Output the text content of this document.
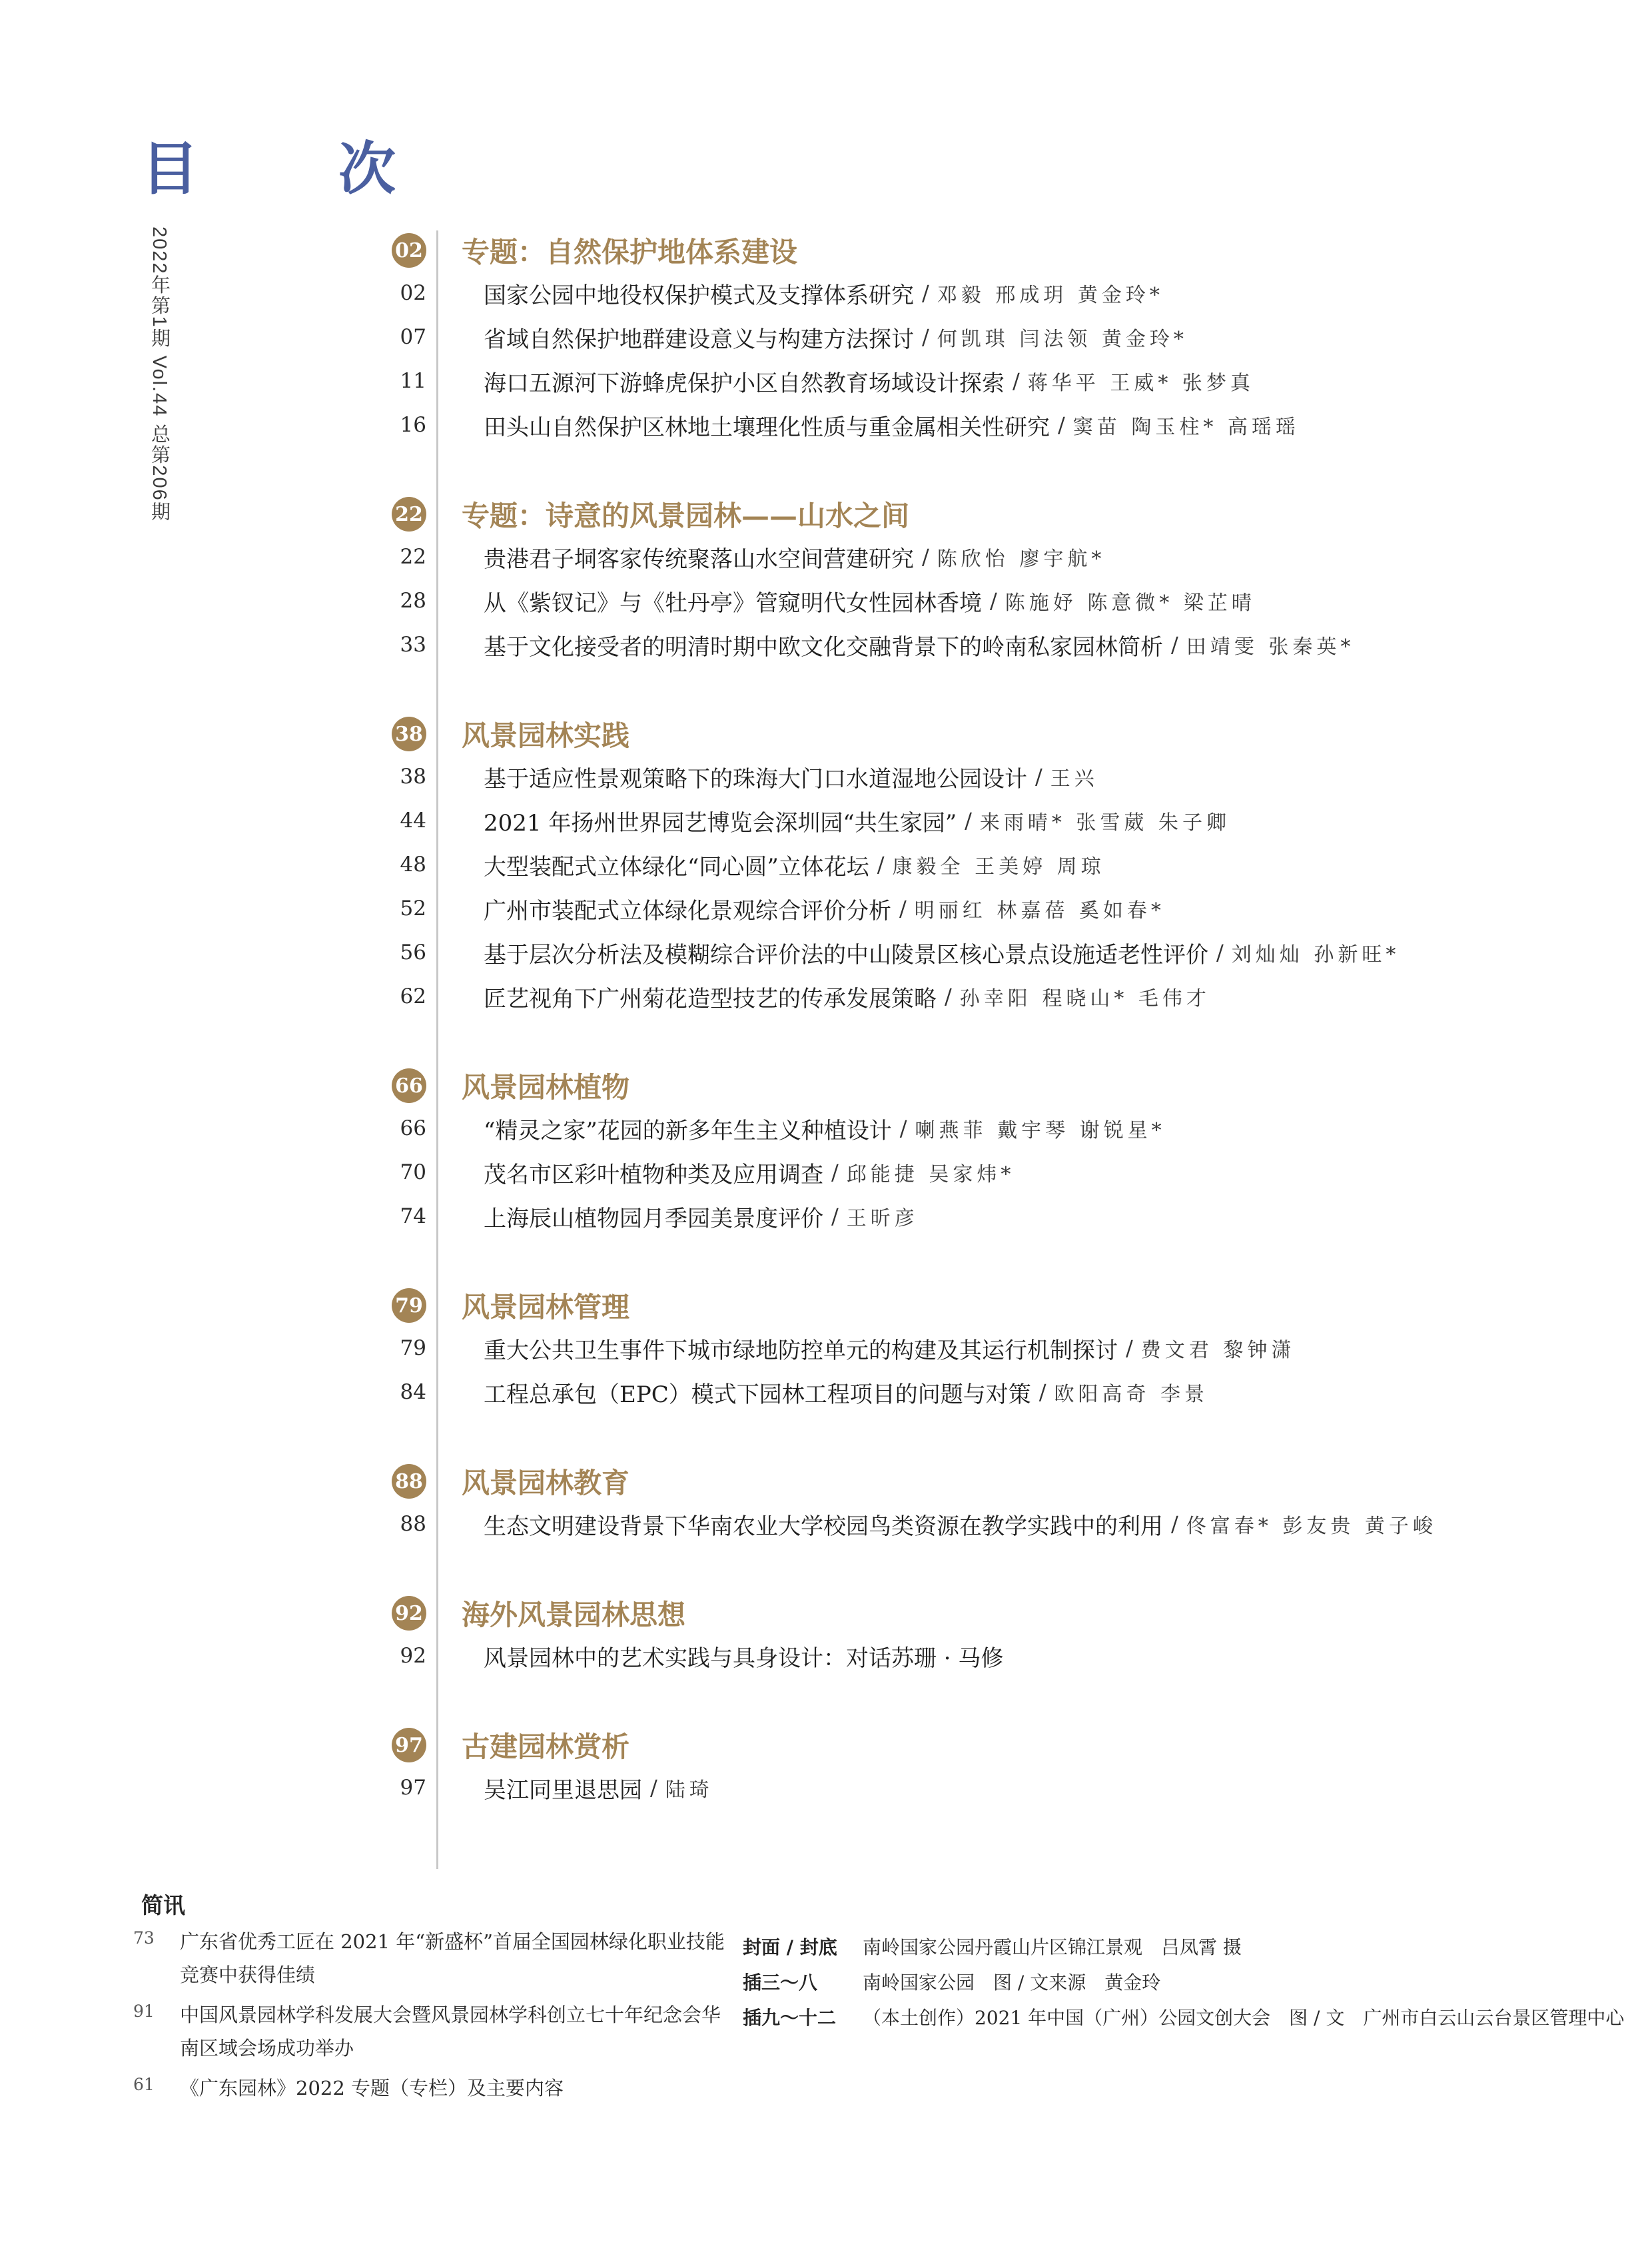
目 次
2022年第1期 Vol.44 总第206期	02 专题：自然保护地体系建设
02	国家公园中地役权保护模式及支撑体系研究 / 邓毅 邢成玥 黄金玲*
07	省域自然保护地群建设意义与构建方法探讨 / 何凯琪 闫法领 黄金玲*
11	海口五源河下游蜂虎保护小区自然教育场域设计探索 / 蒋华平 王威* 张梦真
16	田头山自然保护区林地土壤理化性质与重金属相关性研究 / 窦苗 陶玉柱* 高瑶瑶
22 专题：诗意的风景园林——山水之间
22	贵港君子垌客家传统聚落山水空间营建研究 / 陈欣怡 廖宇航*
28	从《紫钗记》与《牡丹亭》管窥明代女性园林香境 / 陈施妤 陈意微* 梁芷晴
33	基于文化接受者的明清时期中欧文化交融背景下的岭南私家园林简析 / 田靖雯 张秦英*
38 风景园林实践
38	基于适应性景观策略下的珠海大门口水道湿地公园设计 / 王兴
44	2021 年扬州世界园艺博览会深圳园“共生家园” / 来雨晴* 张雪葳 朱子卿
48	大型装配式立体绿化“同心圆”立体花坛 / 康毅全 王美婷 周琼
52	广州市装配式立体绿化景观综合评价分析 / 明丽红 林嘉蓓 奚如春*
56	基于层次分析法及模糊综合评价法的中山陵景区核心景点设施适老性评价 / 刘灿灿 孙新旺*
62	匠艺视角下广州菊花造型技艺的传承发展策略 / 孙幸阳 程晓山* 毛伟才
66 风景园林植物
66	“精灵之家”花园的新多年生主义种植设计 / 喇燕菲 戴宇琴 谢锐星*
70	茂名市区彩叶植物种类及应用调查 / 邱能捷 吴家炜*
74	上海辰山植物园月季园美景度评价 / 王昕彦
79 风景园林管理
79	重大公共卫生事件下城市绿地防控单元的构建及其运行机制探讨 / 费文君 黎钟潇
84	工程总承包（EPC）模式下园林工程项目的问题与对策 / 欧阳高奇 李景
88 风景园林教育
88	生态文明建设背景下华南农业大学校园鸟类资源在教学实践中的利用 / 佟富春* 彭友贵 黄子峻
92 海外风景园林思想
92	风景园林中的艺术实践与具身设计：对话苏珊 · 马修
97 古建园林赏析
97	吴江同里退思园 / 陆琦
简讯
73	广东省优秀工匠在 2021 年“新盛杯”首届全国园林绿化职业技能竞赛中获得佳绩
91	中国风景园林学科发展大会暨风景园林学科创立七十年纪念会华南区域会场成功举办
61	《广东园林》2022 专题（专栏）及主要内容
封面 / 封底	南岭国家公园丹霞山片区锦江景观　吕凤霄 摄
插三～八	南岭国家公园　图 / 文来源　黄金玲
插九～十二	（本土创作）2021 年中国（广州）公园文创大会　图 / 文　广州市白云山云台景区管理中心
